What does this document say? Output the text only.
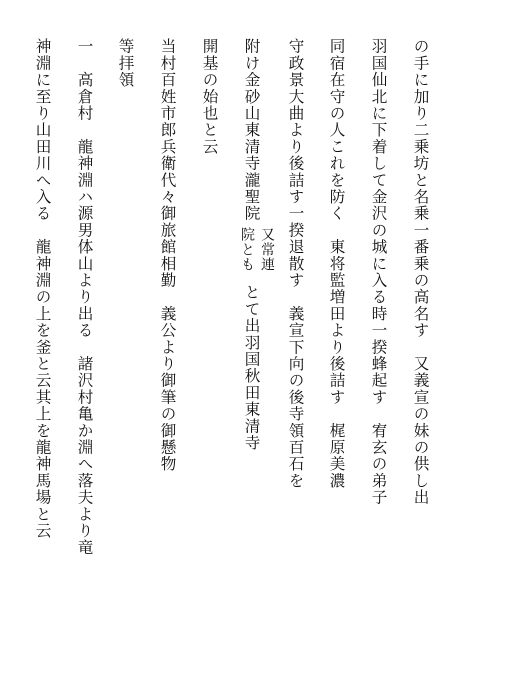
の手に加り二乗坊と名乗一番乗の高名す　又義宣の妹の供し出
羽国仙北に下着して金沢の城に入る時一揆蜂起す　宥玄の弟子
同宿在守の人これを防く　東将監増田より後詰す　梶原美濃
守政景大曲より後詰す一揆退散す　義宣下向の後寺領百石を
附け金砂山東清寺瀧聖院
又常連
院とも
とて出羽国秋田東清寺
開基の始也と云
当村百姓市郎兵衛代々御旅館相勤　義公より御筆の御懸物
等拝領
一　高倉村　龍神淵ハ源男体山より出る　諸沢村亀か淵へ落夫より竜
神淵に至り山田川へ入る　龍神淵の上を釜と云其上を龍神馬場と云
